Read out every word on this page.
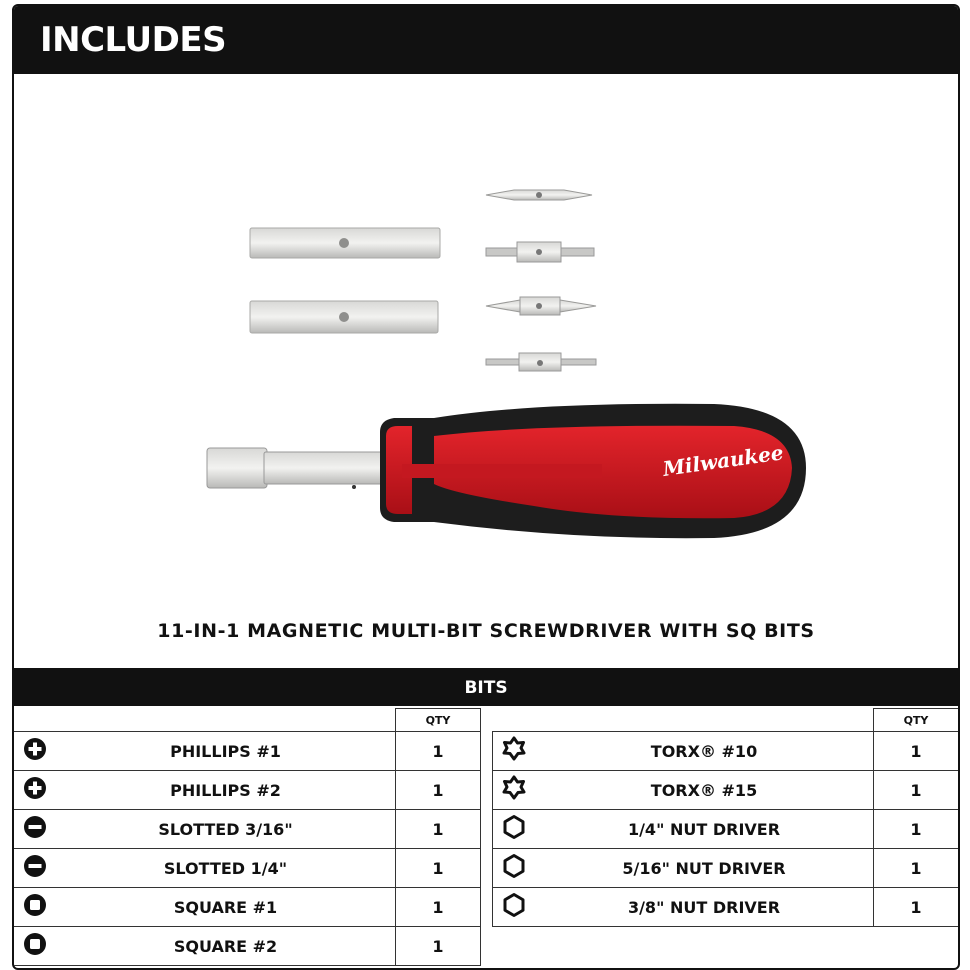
INCLUDES
Milwaukee
11-IN-1 MAGNETIC MULTI-BIT SCREWDRIVER WITH SQ BITS
BITS
		QTY
	PHILLIPS #1	1
	PHILLIPS #2	1
	SLOTTED 3/16"	1
	SLOTTED 1/4"	1
	SQUARE #1	1
	SQUARE #2	1
		QTY
	TORX® #10	1
	TORX® #15	1
	1/4" NUT DRIVER	1
	5/16" NUT DRIVER	1
	3/8" NUT DRIVER	1
